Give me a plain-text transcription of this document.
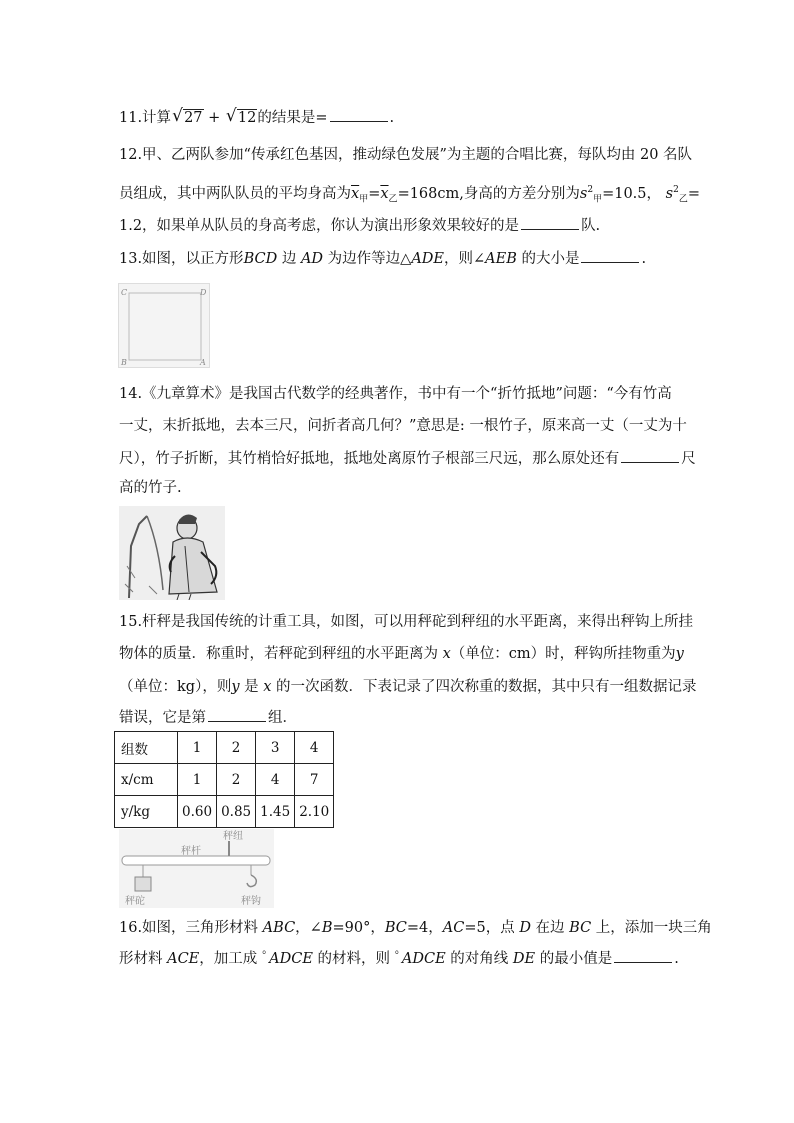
11.计算 √ 27 + √ 12的结果是=	.
12.甲、乙两队参加“传承红色基因，推动绿色发展”为主题的合唱比赛，每队均由 20 名队
员组成，其中两队队员的平均身高为$\overline{x}_甲=\overline{x}_乙=168cm$,身高的方差分别为$s^2_甲=10.5$， $s^2_乙=$
1.2，如果单从队员的身高考虑，你认为演出形象效果较好的是	队.
13.如图，以正方形BCD 边 AD 为边作等边△ADE，则∠AEB 的大小是	.
C	D
B	A
14.《九章算术》是我国古代数学的经典著作，书中有一个“折竹抵地”问题：“今有竹高
一丈，末折抵地，去本三尺，问折者高几何？”意思是: 一根竹子，原来高一丈（一丈为十
尺），竹子折断，其竹梢恰好抵地，抵地处离原竹子根部三尺远，那么原处还有	尺
高的竹子.
15.杆秤是我国传统的计重工具，如图，可以用秤砣到秤纽的水平距离，来得出秤钩上所挂
物体的质量．称重时，若秤砣到秤纽的水平距离为 x（单位：cm）时，秤钩所挂物重为y
（单位：kg），则y 是 x 的一次函数．下表记录了四次称重的数据，其中只有一组数据记录
错误，它是第	组．
组数	1	2	3	4
x/cm	1	2	4	7
y/kg	0.60	0.85	1.45	2.10
秤杆
秤纽
秤砣	秤钩
16.如图，三角形材料 ABC，∠B=90°，BC=4，AC=5，点 D 在边 BC 上，添加一块三角
形材料 ACE，加工成 ﾟADCE 的材料，则 ﾟADCE 的对角线 DE 的最小值是	.
